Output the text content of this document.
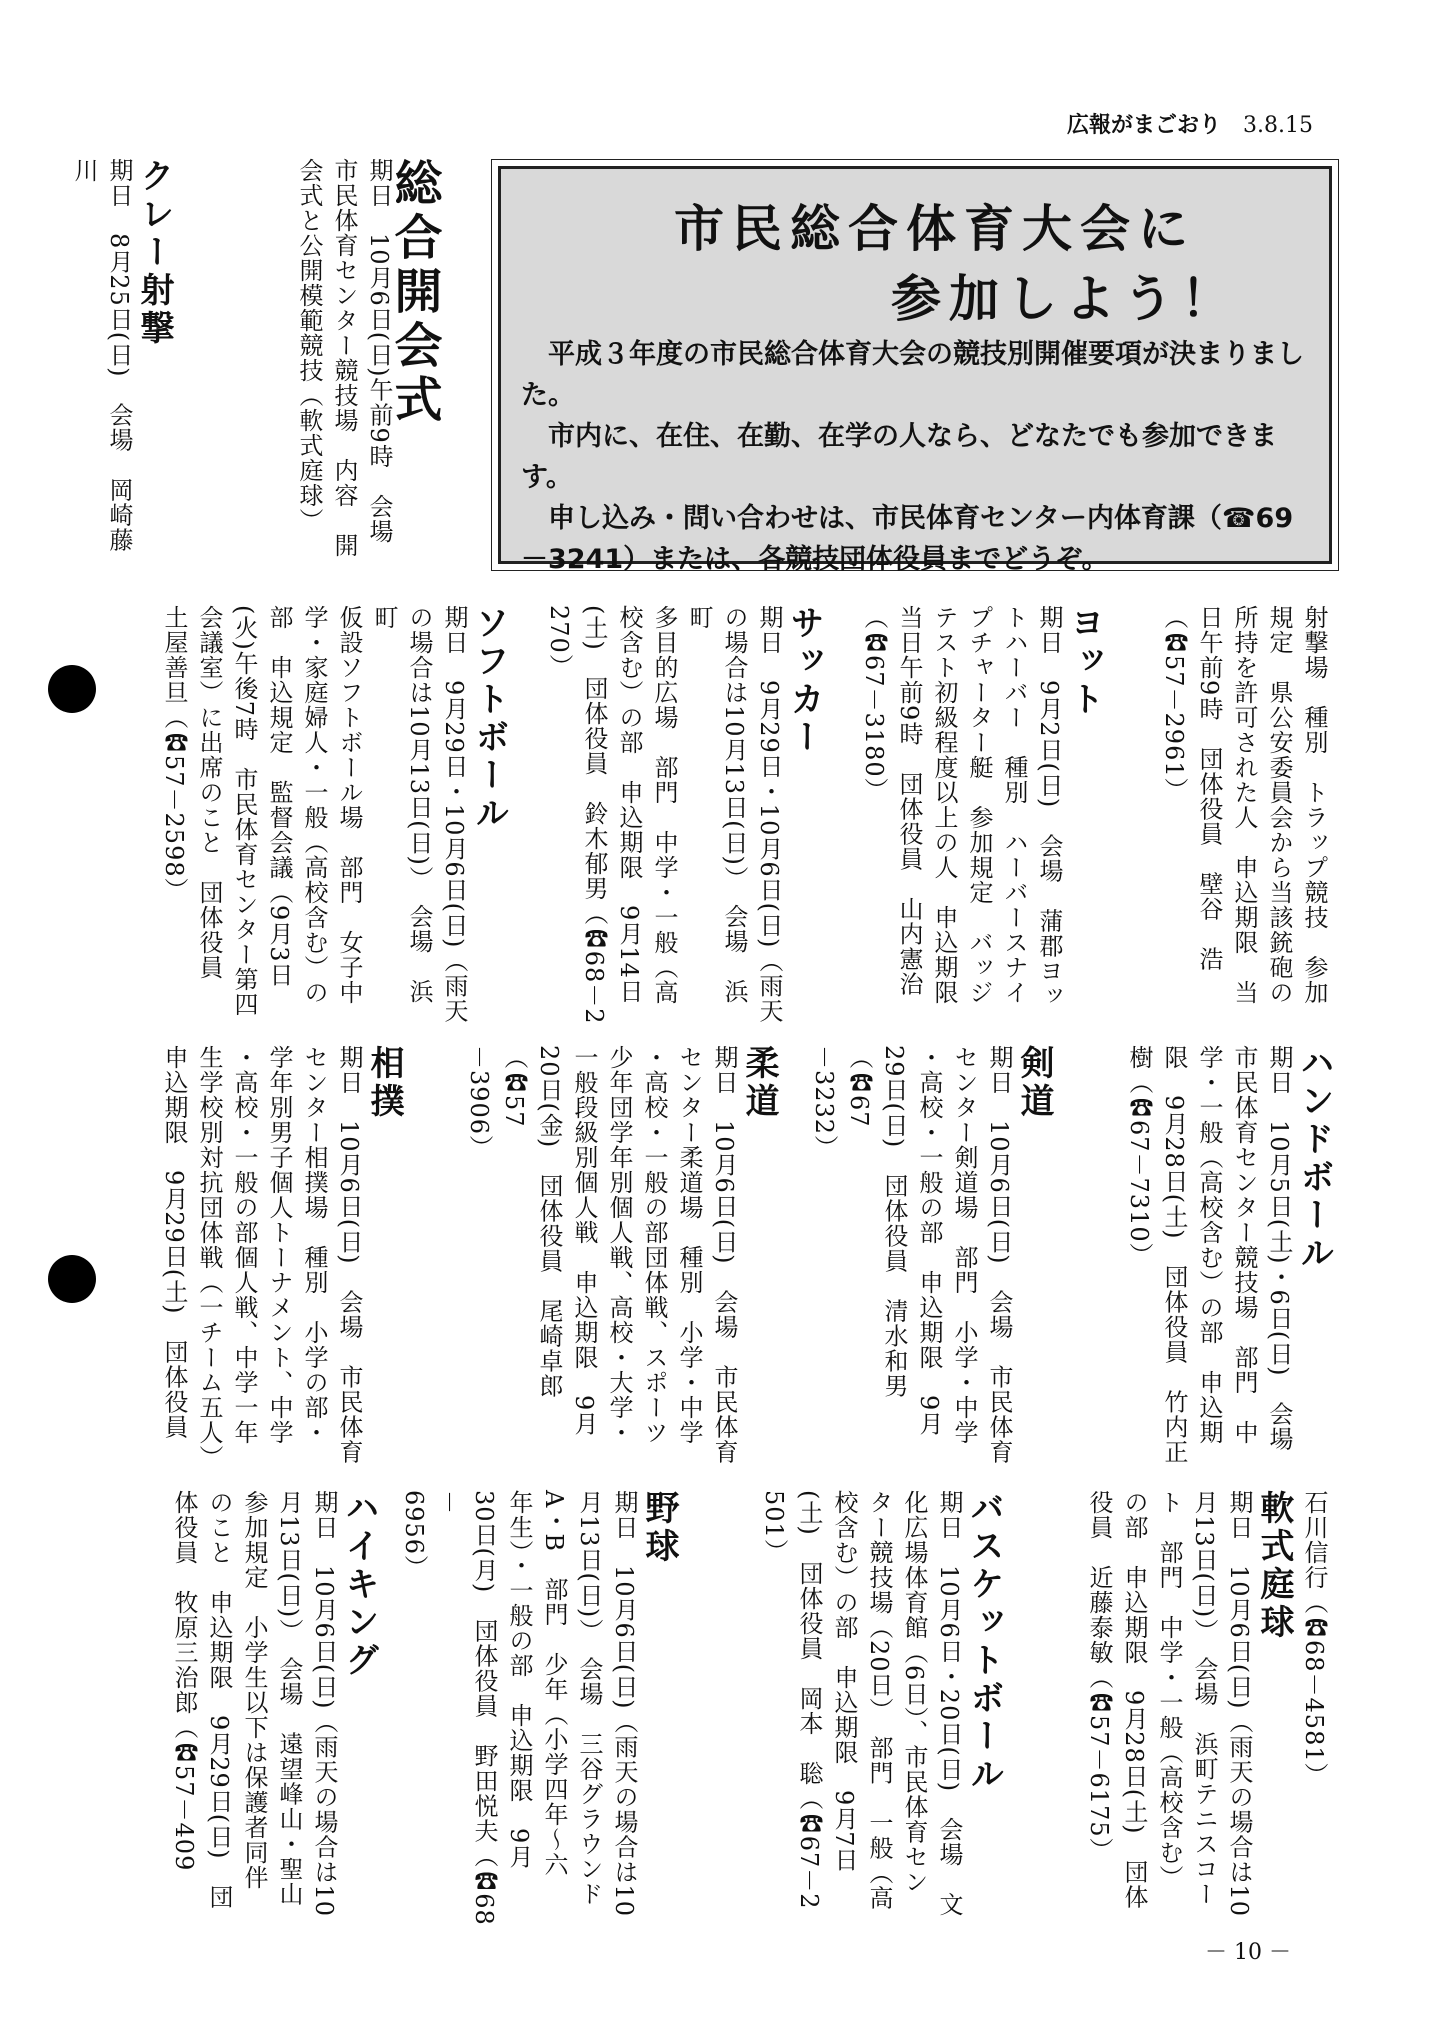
広報がまごおり 3.8.15
市民総合体育大会に
参加しよう！

平成３年度の市民総合体育大会の競技別開催要項が決まりました。

市内に、在住、在勤、在学の人なら、どなたでも参加できます。

申し込み・問い合わせは、市民体育センター内体育課（☎69－3241）または、各競技団体役員までどうぞ。

総合開会式

期日　10月6日(日)午前9時　会場

市民体育センター競技場　内容　開

会式と公開模範競技（軟式庭球）

クレー射撃

期日　8月25日(日)　会場　岡崎藤川

射撃場　種別　トラップ競技　参加

規定　県公安委員会から当該銃砲の

所持を許可された人　申込期限　当

日午前9時　団体役員　壁谷　浩

（☎57－2961）

ヨット

期日　9月2日(日)　会場　蒲郡ヨッ

トハーバー　種別　ハーバースナイ

プチャーター艇　参加規定　バッジ

テスト初級程度以上の人　申込期限

当日午前9時　団体役員　山内憲治

（☎67－3180）

サッカー

期日　9月29日・10月6日(日)（雨天

の場合は10月13日(日)）　会場　浜町

多目的広場　部門　中学・一般（高

校含む）の部　申込期限　9月14日

(土)　団体役員　鈴木郁男（☎68－2

270）

ソフトボール

期日　9月29日・10月6日(日)（雨天

の場合は10月13日(日)）　会場　浜町

仮設ソフトボール場　部門　女子中

学・家庭婦人・一般（高校含む）の

部　申込規定　監督会議（9月3日

(火)午後7時　市民体育センター第四

会議室）に出席のこと　団体役員

土屋善旦（☎57－2598）

ハンドボール

期日　10月5日(土)・6日(日)　会場

市民体育センター競技場　部門　中

学・一般（高校含む）の部　申込期

限　9月28日(土)　団体役員　竹内正

樹（☎67－7310）

剣道

期日　10月6日(日)　会場　市民体育

センター剣道場　部門　小学・中学

・高校・一般の部　申込期限　9月

29日(日)　団体役員　清水和男（☎67

－3232）

柔道

期日　10月6日(日)　会場　市民体育

センター柔道場　種別　小学・中学

・高校・一般の部団体戦、スポーツ

少年団学年別個人戦、高校・大学・

一般段級別個人戦　申込期限　9月

20日(金)　団体役員　尾崎卓郎（☎57

－3906）

相撲

期日　10月6日(日)　会場　市民体育

センター相撲場　種別　小学の部・

学年別男子個人トーナメント、中学

・高校・一般の部個人戦、中学一年

生学校別対抗団体戦（一チーム五人）

申込期限　9月29日(土)　団体役員

石川信行（☎68－4581）

軟式庭球

期日　10月6日(日)（雨天の場合は10

月13日(日)）　会場　浜町テニスコー

ト　部門　中学・一般（高校含む）

の部　申込期限　9月28日(土)　団体

役員　近藤泰敏（☎57－6175）

バスケットボール

期日　10月6日・20日(日)　会場　文

化広場体育館（6日）、市民体育セン

ター競技場（20日）　部門　一般（高

校含む）の部　申込期限　9月7日

(土)　団体役員　岡本　聡（☎67－2

501）

野球

期日　10月6日(日)（雨天の場合は10

月13日(日)）　会場　三谷グラウンド

A・B　部門　少年（小学四年～六

年生）・一般の部　申込期限　9月

30日(月)　団体役員　野田悦夫（☎68－

6956）

ハイキング

期日　10月6日(日)（雨天の場合は10

月13日(日)）　会場　遠望峰山・聖山

参加規定　小学生以下は保護者同伴

のこと　申込期限　9月29日(日)　団

体役員　牧原三治郎（☎57－409

－ 10 －
